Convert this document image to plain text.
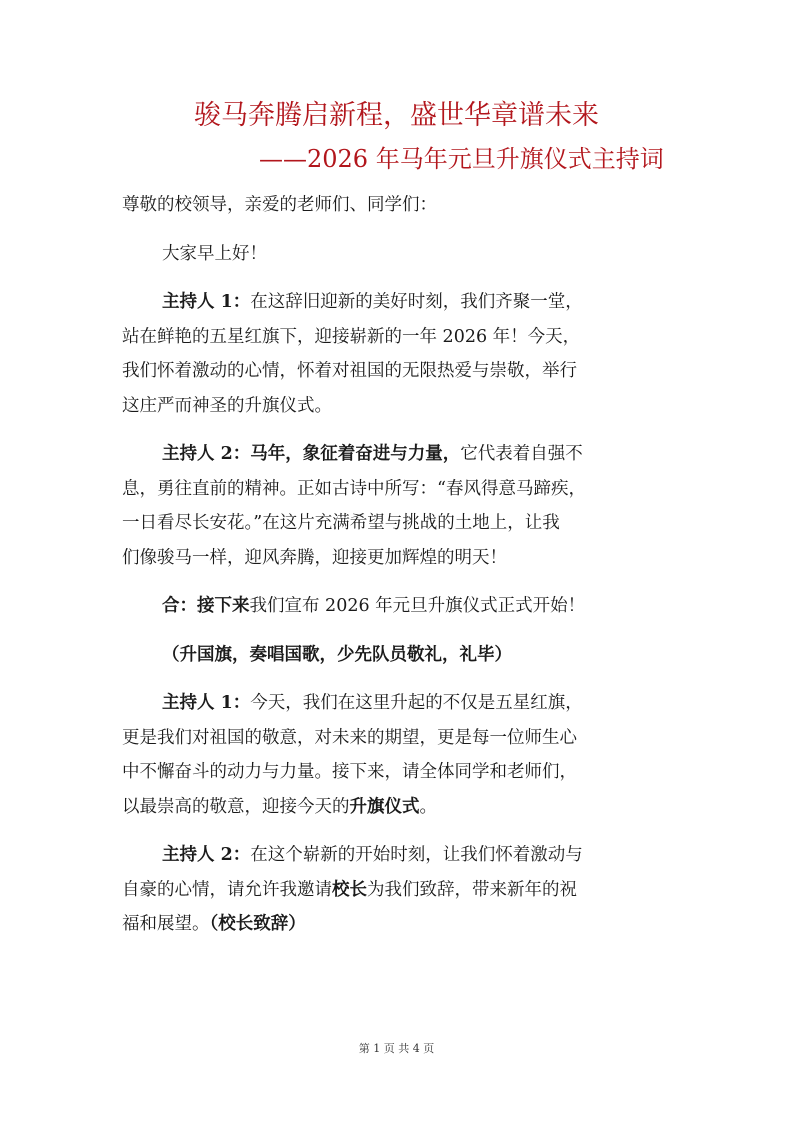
骏马奔腾启新程，盛世华章谱未来
——2026 年马年元旦升旗仪式主持词
尊敬的校领导，亲爱的老师们、同学们：
大家早上好！
主持人 1：在这辞旧迎新的美好时刻，我们齐聚一堂，
站在鲜艳的五星红旗下，迎接崭新的一年 2026 年！今天，
我们怀着激动的心情，怀着对祖国的无限热爱与崇敬，举行
这庄严而神圣的升旗仪式。
主持人 2：马年，象征着奋进与力量，它代表着自强不
息，勇往直前的精神。正如古诗中所写：“春风得意马蹄疾，
一日看尽长安花。”在这片充满希望与挑战的土地上，让我
们像骏马一样，迎风奔腾，迎接更加辉煌的明天！
合：接下来我们宣布 2026 年元旦升旗仪式正式开始！
（升国旗，奏唱国歌，少先队员敬礼，礼毕）
主持人 1：今天，我们在这里升起的不仅是五星红旗，
更是我们对祖国的敬意，对未来的期望，更是每一位师生心
中不懈奋斗的动力与力量。接下来，请全体同学和老师们，
以最崇高的敬意，迎接今天的升旗仪式。
主持人 2：在这个崭新的开始时刻，让我们怀着激动与
自豪的心情，请允许我邀请校长为我们致辞，带来新年的祝
福和展望。（校长致辞）
第 1 页 共 4 页
